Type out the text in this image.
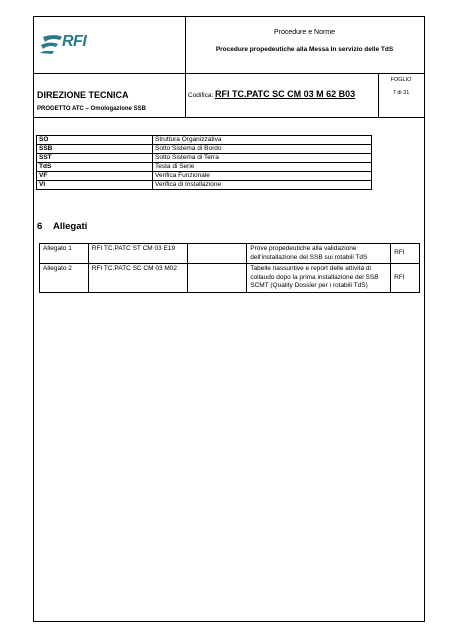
RFI
Procedure e Norme
Procedure propedeutiche alla Messa In servizio delle TdS
DIREZIONE TECNICA
PROGETTO ATC – Omologazione SSB
Codifica: RFI TC.PATC SC CM 03 M 62 B03
FOGLIO
7 di 31
SO	Struttura Organizzativa
SSB	Sotto Sistema di Bordo
SST	Sotto Sistema di Terra
TdS	Testa di Serie
VF	Verifica Funzionale
VI	Verifica di Installazione
6 Allegati
Allegato 1	RFI TC.PATC ST CM 03 E19		Prove propedeutiche alla validazione dell'installazione del SSB sui rotabili TdS	RFI
Allegato 2	RFI TC.PATC SC CM 03 M02		Tabelle riassuntive e report delle attività di collaudo dopo la prima installazione del SSB SCMT (Quality Dossier per i rotabili TdS)	RFI
